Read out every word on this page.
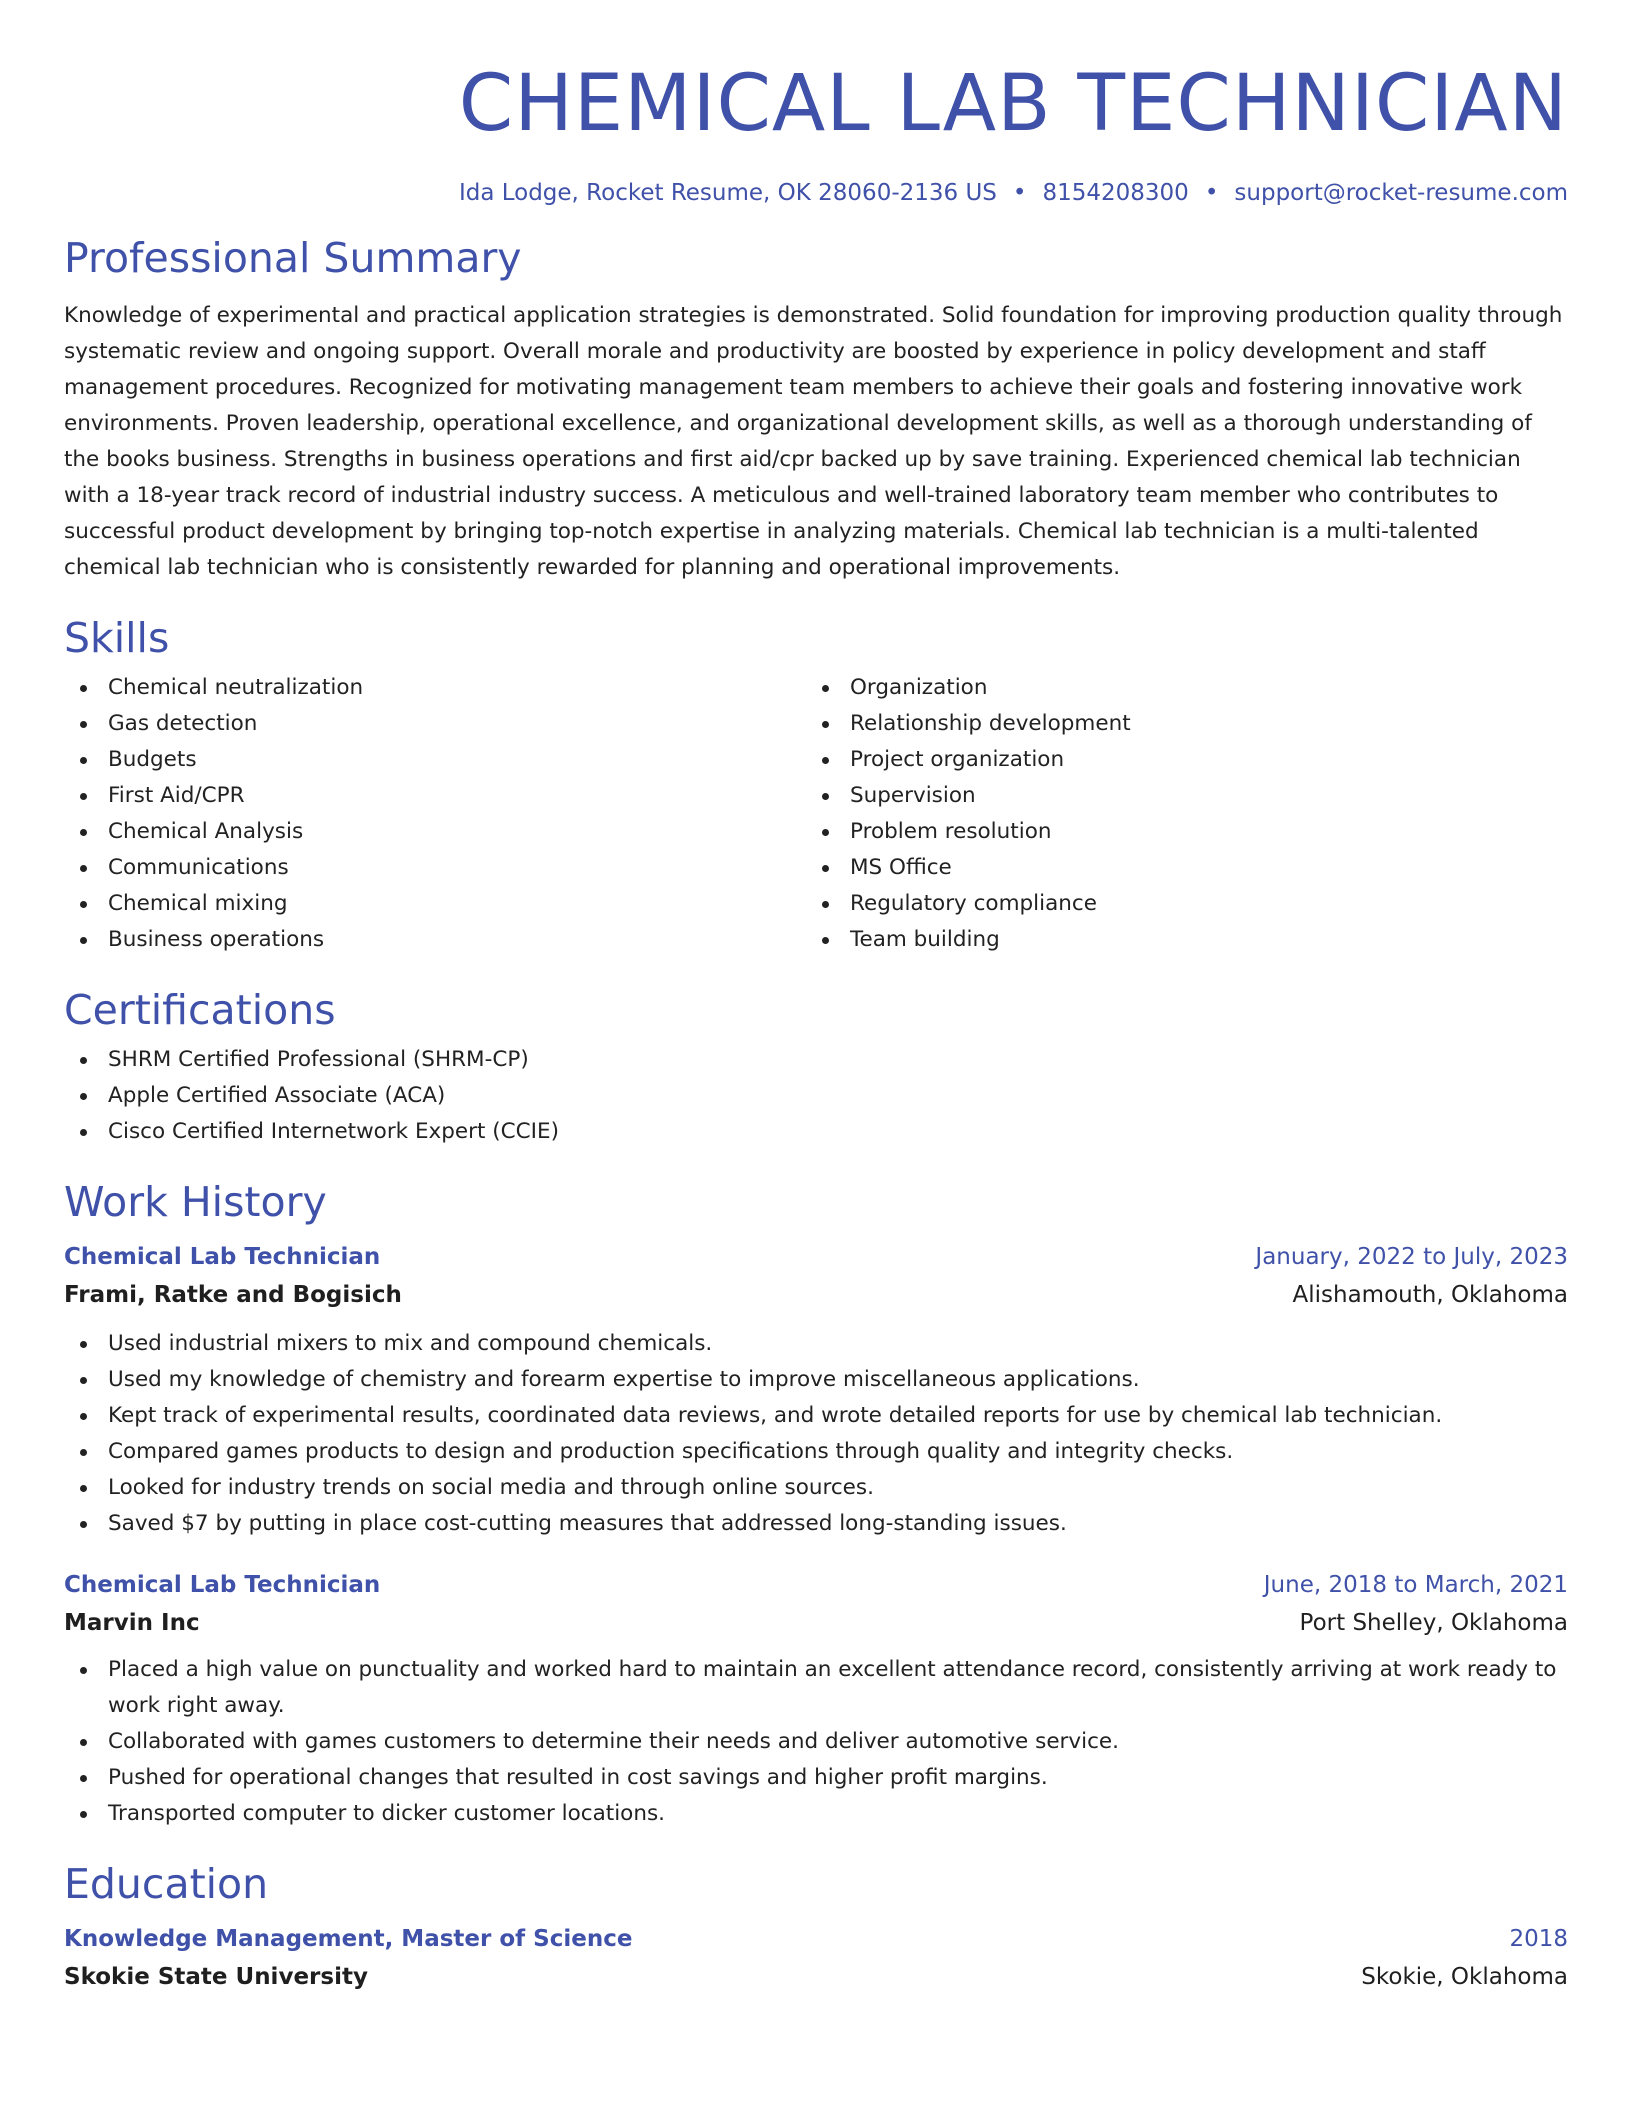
CHEMICAL LAB TECHNICIAN
Ida Lodge, Rocket Resume, OK 28060-2136 US • 8154208300 • support@rocket-resume.com
Professional Summary

Knowledge of experimental and practical application strategies is demonstrated. Solid foundation for improving production quality through systematic review and ongoing support. Overall morale and productivity are boosted by experience in policy development and staff management procedures. Recognized for motivating management team members to achieve their goals and fostering innovative work environments. Proven leadership, operational excellence, and organizational development skills, as well as a thorough understanding of the books business. Strengths in business operations and first aid/cpr backed up by save training. Experienced chemical lab technician with a 18-year track record of industrial industry success. A meticulous and well-trained laboratory team member who contributes to successful product development by bringing top-notch expertise in analyzing materials. Chemical lab technician is a multi-talented chemical lab technician who is consistently rewarded for planning and operational improvements.

Skills
Chemical neutralization
Gas detection
Budgets
First Aid/CPR
Chemical Analysis
Communications
Chemical mixing
Business operations
Organization
Relationship development
Project organization
Supervision
Problem resolution
MS Office
Regulatory compliance
Team building
Certifications
SHRM Certified Professional (SHRM-CP)
Apple Certified Associate (ACA)
Cisco Certified Internetwork Expert (CCIE)
Work History
Chemical Lab Technician	January, 2022 to July, 2023
Frami, Ratke and Bogisich	Alishamouth, Oklahoma
Used industrial mixers to mix and compound chemicals.
Used my knowledge of chemistry and forearm expertise to improve miscellaneous applications.
Kept track of experimental results, coordinated data reviews, and wrote detailed reports for use by chemical lab technician.
Compared games products to design and production specifications through quality and integrity checks.
Looked for industry trends on social media and through online sources.
Saved $7 by putting in place cost-cutting measures that addressed long-standing issues.
Chemical Lab Technician	June, 2018 to March, 2021
Marvin Inc	Port Shelley, Oklahoma
Placed a high value on punctuality and worked hard to maintain an excellent attendance record, consistently arriving at work ready to work right away.
Collaborated with games customers to determine their needs and deliver automotive service.
Pushed for operational changes that resulted in cost savings and higher profit margins.
Transported computer to dicker customer locations.
Education
Knowledge Management, Master of Science	2018
Skokie State University	Skokie, Oklahoma
